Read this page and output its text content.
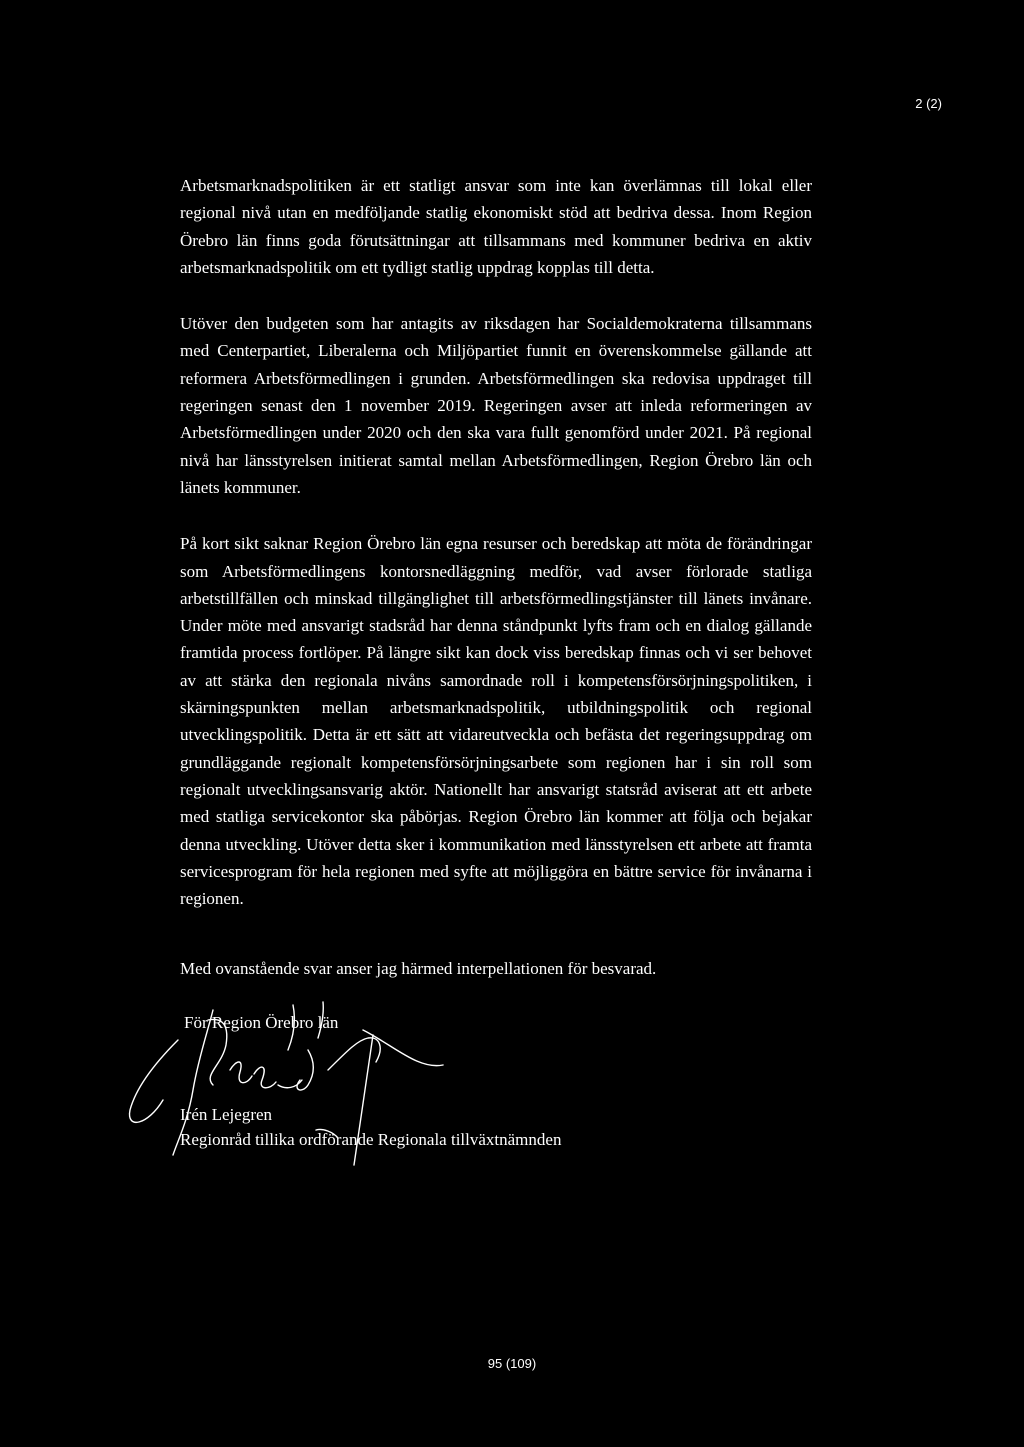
2 (2)

Arbetsmarknadspolitiken är ett statligt ansvar som inte kan överlämnas till lokal eller regional nivå utan en medföljande statlig ekonomiskt stöd att bedriva dessa. Inom Region Örebro län finns goda förutsättningar att tillsammans med kommuner bedriva en aktiv arbetsmarknadspolitik om ett tydligt statlig uppdrag kopplas till detta.

Utöver den budgeten som har antagits av riksdagen har Socialdemokraterna tillsammans med Centerpartiet, Liberalerna och Miljöpartiet funnit en överenskommelse gällande att reformera Arbetsförmedlingen i grunden. Arbetsförmedlingen ska redovisa uppdraget till regeringen senast den 1 november 2019. Regeringen avser att inleda reformeringen av Arbetsförmedlingen under 2020 och den ska vara fullt genomförd under 2021. På regional nivå har länsstyrelsen initierat samtal mellan Arbetsförmedlingen, Region Örebro län och länets kommuner.

På kort sikt saknar Region Örebro län egna resurser och beredskap att möta de förändringar som Arbetsförmedlingens kontorsnedläggning medför, vad avser förlorade statliga arbetstillfällen och minskad tillgänglighet till arbetsförmedlingstjänster till länets invånare. Under möte med ansvarigt stadsråd har denna ståndpunkt lyfts fram och en dialog gällande framtida process fortlöper. På längre sikt kan dock viss beredskap finnas och vi ser behovet av att stärka den regionala nivåns samordnade roll i kompetensförsörjningspolitiken, i skärningspunkten mellan arbetsmarknadspolitik, utbildningspolitik och regional utvecklingspolitik. Detta är ett sätt att vidareutveckla och befästa det regeringsuppdrag om grundläggande regionalt kompetensförsörjningsarbete som regionen har i sin roll som regionalt utvecklingsansvarig aktör. Nationellt har ansvarigt statsråd aviserat att ett arbete med statliga servicekontor ska påbörjas. Region Örebro län kommer att följa och bejakar denna utveckling. Utöver detta sker i kommunikation med länsstyrelsen ett arbete att framta servicesprogram för hela regionen med syfte att möjliggöra en bättre service för invånarna i regionen.

Med ovanstående svar anser jag härmed interpellationen för besvarad.

För Region Örebro län
Irén Lejegren
Regionråd tillika ordförande Regionala tillväxtnämnden
95 (109)
